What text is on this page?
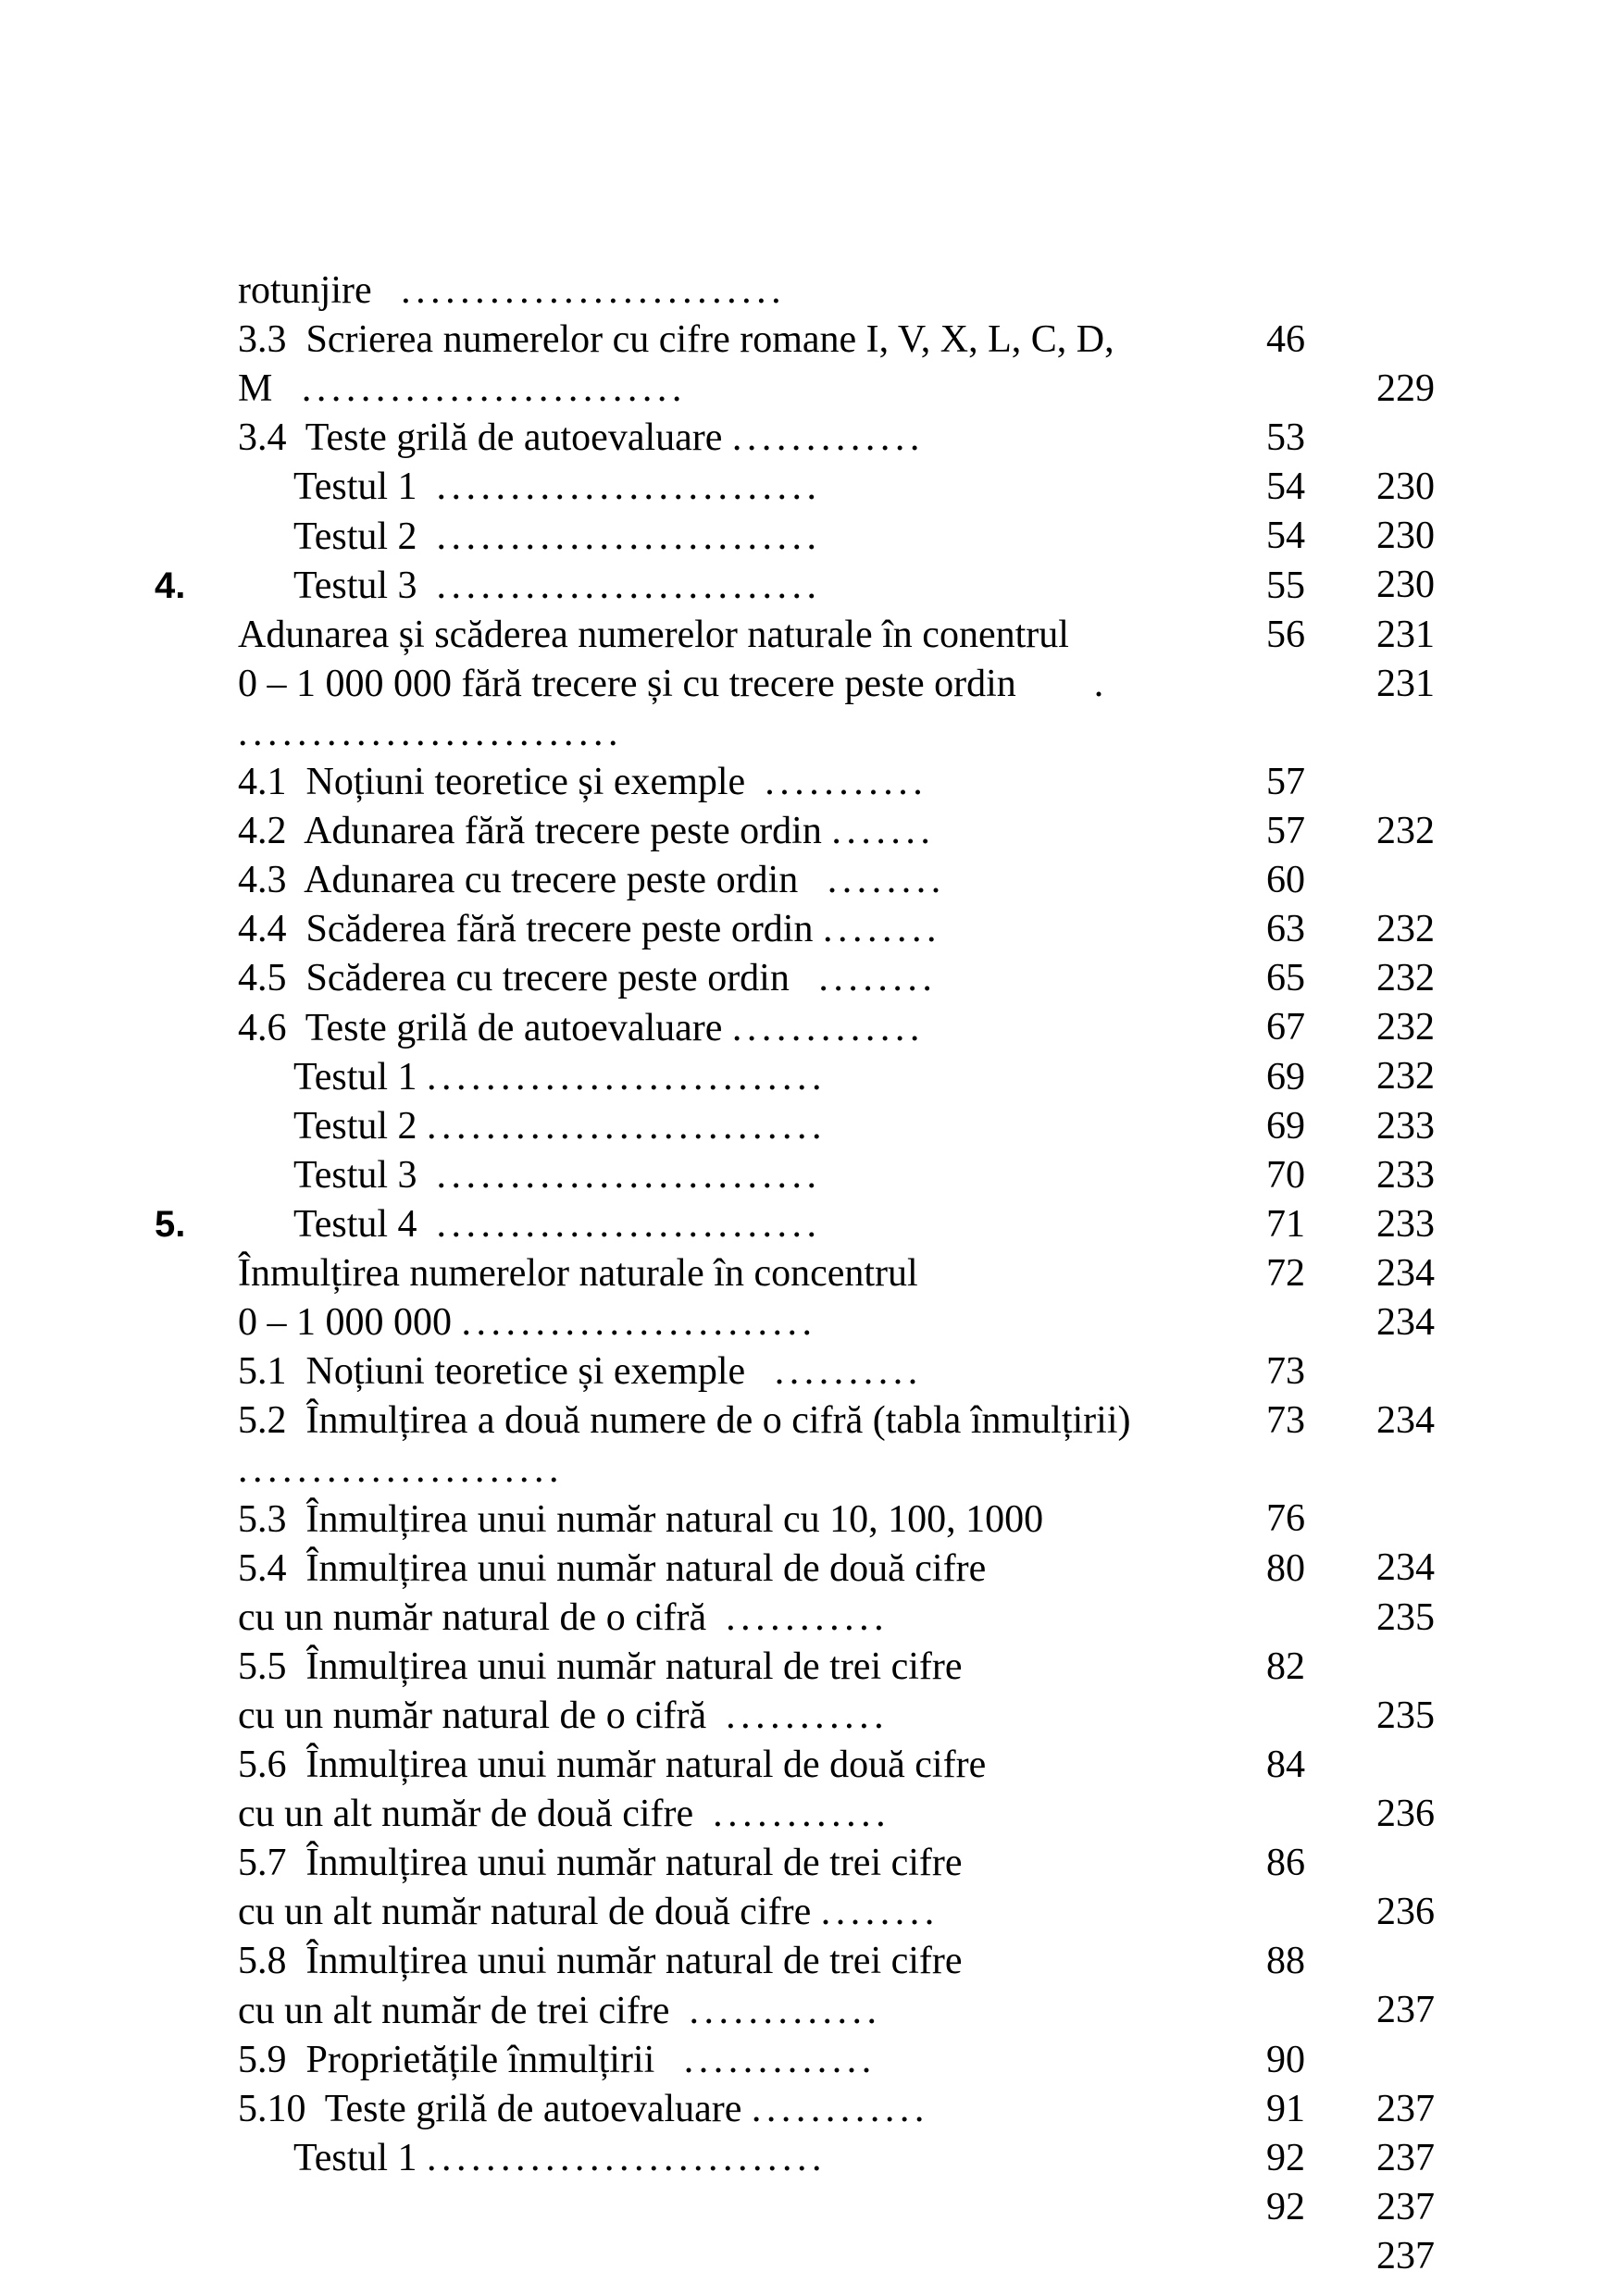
rotunjire   ..........................

46

229

3.3  Scrierea numerelor cu cifre romane I, V, X, L, C, D,

M   ..........................

53

230

3.4  Teste grilă de autoevaluare .............

54

230

Testul 1  ..........................

54

230

Testul 2  ..........................

55

231

Testul 3  ..........................

56

231

4.

Adunarea și scăderea numerelor naturale în conentrul

0 – 1 000 000 fără trecere și cu trecere peste ordin        .

..........................

57

232

4.1  Noțiuni teoretice și exemple  ...........

57

4.2  Adunarea fără trecere peste ordin .......

60

232

4.3  Adunarea cu trecere peste ordin   ........

63

232

4.4  Scăderea fără trecere peste ordin ........

65

232

4.5  Scăderea cu trecere peste ordin   ........

67

232

4.6  Teste grilă de autoevaluare .............

69

233

Testul 1 ...........................

69

233

Testul 2 ...........................

70

233

Testul 3  ..........................

71

234

Testul 4  ..........................

72

234

5.

Înmulțirea numerelor naturale în concentrul

0 – 1 000 000 ........................

73

234

5.1  Noțiuni teoretice și exemple   ..........

73

5.2  Înmulțirea a două numere de o cifră (tabla înmulțirii)

......................

76

234

5.3  Înmulțirea unui număr natural cu 10, 100, 1000

80

235

5.4  Înmulțirea unui număr natural de două cifre

cu un număr natural de o cifră  ...........

82

235

5.5  Înmulțirea unui număr natural de trei cifre

cu un număr natural de o cifră  ...........

84

236

5.6  Înmulțirea unui număr natural de două cifre

cu un alt număr de două cifre  ............

86

236

5.7  Înmulțirea unui număr natural de trei cifre

cu un alt număr natural de două cifre ........

88

237

5.8  Înmulțirea unui număr natural de trei cifre

cu un alt număr de trei cifre  .............

90

237

5.9  Proprietățile înmulțirii   .............

91

237

5.10  Teste grilă de autoevaluare ............

92

237

Testul 1 ...........................

92

237
